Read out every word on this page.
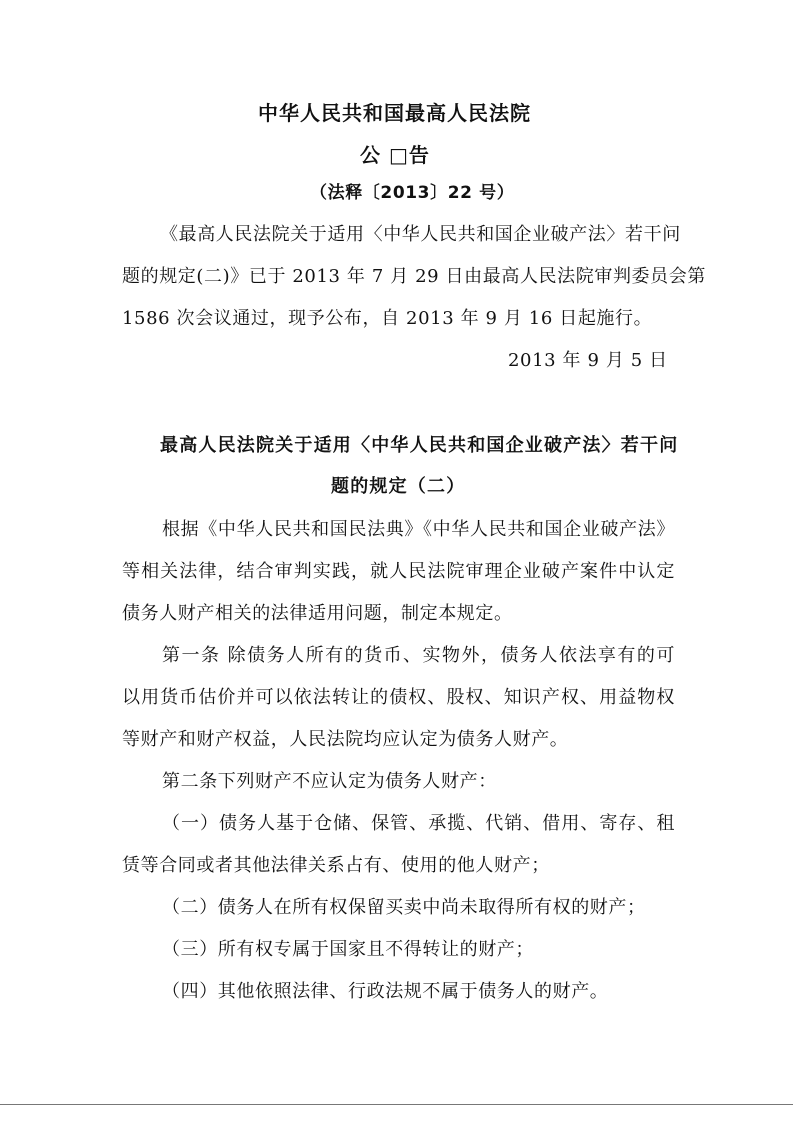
中华人民共和国最高人民法院
公 □告
（法释〔2013〕22 号）
《最高人民法院关于适用〈中华人民共和国企业破产法〉若干问
题的规定(二)》已于 2013 年 7 月 29 日由最高人民法院审判委员会第
1586 次会议通过，现予公布，自 2013 年 9 月 16 日起施行。
2013 年 9 月 5 日
最高人民法院关于适用〈中华人民共和国企业破产法〉若干问
题的规定（二）
根据《中华人民共和国民法典》《中华人民共和国企业破产法》
等相关法律，结合审判实践，就人民法院审理企业破产案件中认定
债务人财产相关的法律适用问题，制定本规定。
第一条 除债务人所有的货币、实物外，债务人依法享有的可
以用货币估价并可以依法转让的债权、股权、知识产权、用益物权
等财产和财产权益，人民法院均应认定为债务人财产。
第二条下列财产不应认定为债务人财产：
（一）债务人基于仓储、保管、承揽、代销、借用、寄存、租
赁等合同或者其他法律关系占有、使用的他人财产；
（二）债务人在所有权保留买卖中尚未取得所有权的财产；
（三）所有权专属于国家且不得转让的财产；
（四）其他依照法律、行政法规不属于债务人的财产。
